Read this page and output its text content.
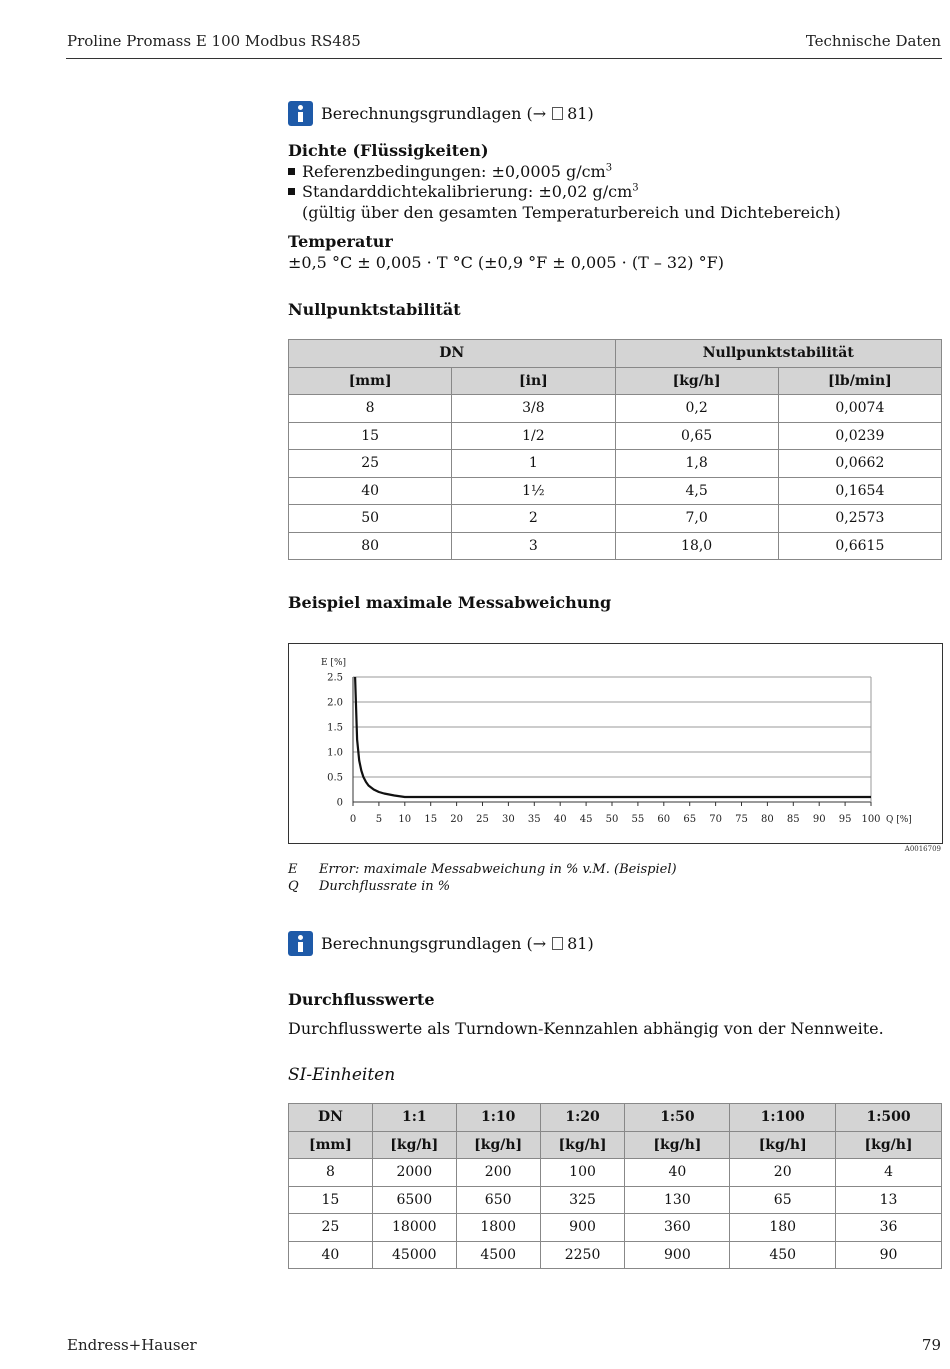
Proline Promass E 100 Modbus RS485	Technische Daten
Berechnungsgrundlagen ( → 81)
Dichte (Flüssigkeiten)
Referenzbedingungen: ±0,0005 $g/cm^3$
Standarddichtekalibrierung: ±0,02 $g/cm^3$
(gültig über den gesamten Temperaturbereich und Dichtebereich)
Temperatur
±0,5 °C ± 0,005 · T °C (±0,9 °F ± 0,005 · (T – 32) °F)
Nullpunktstabilität
DN		Nullpunktstabilität	
[mm]	[in]	[kg/h]	[lb/min]
8	3/8	0,2	0,0074
15	1/2	0,65	0,0239
25	1	1,8	0,0662
40	1½	4,5	0,1654
50	2	7,0	0,2573
80	3	18,0	0,6615
Beispiel maximale Messabweichung
0
0.5
1.0
1.5
2.0
2.5
0 5 10 15 20 25 30 35 40 45 50 55 60 65 70 75 80 85 90 95 100
E [%]
Q [%]
A0016709
E Error: maximale Messabweichung in % v.M. (Beispiel)
Q Durchflussrate in %
Berechnungsgrundlagen ( → 81)
Durchflusswerte
Durchflusswerte als Turndown-Kennzahlen abhängig von der Nennweite.
SI-Einheiten
DN	1:1	1:10	1:20	1:50	1:100	1:500
[mm]	[kg/h]	[kg/h]	[kg/h]	[kg/h]	[kg/h]	[kg/h]
8	2000	200	100	40	20	4
15	6500	650	325	130	65	13
25	18000	1800	900	360	180	36
40	45000	4500	2250	900	450	90
Endress+Hauser	79
